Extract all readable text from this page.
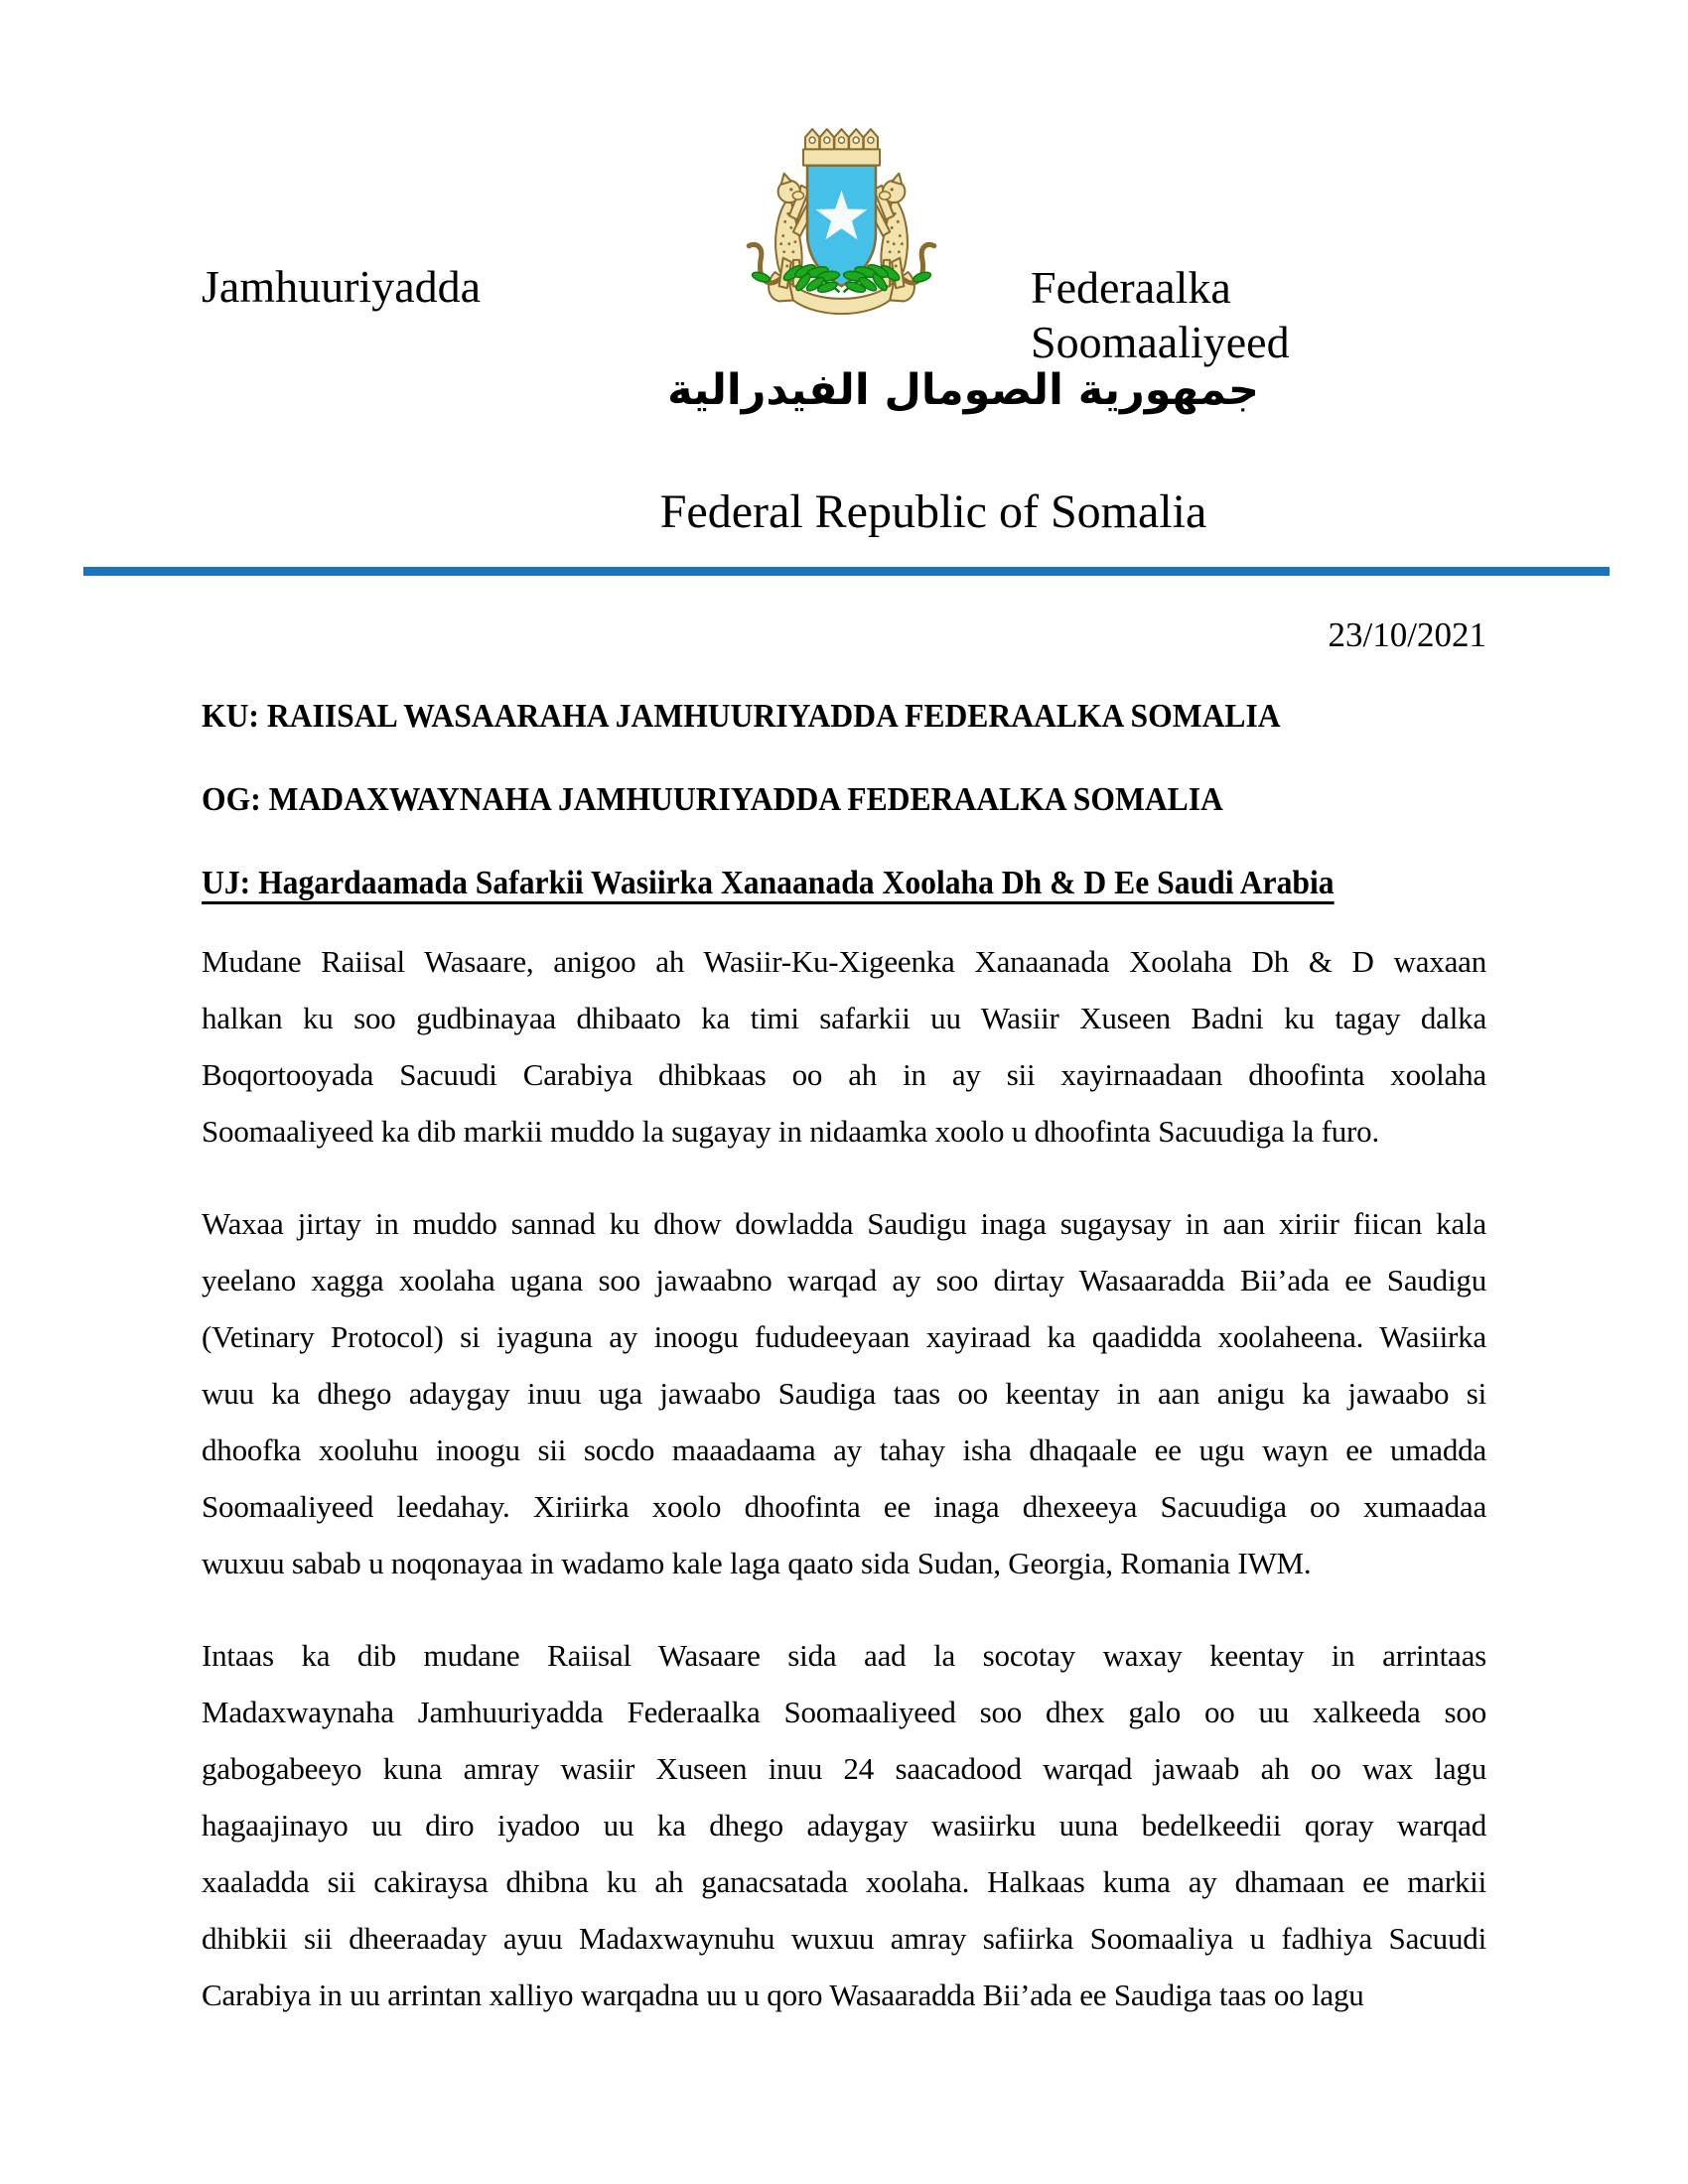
Jamhuuriyadda	Federaalka
Soomaaliyeed
جمهورية الصومال الفيدرالية
Federal Republic of Somalia
23/10/2021
KU: RAIISAL WASAARAHA JAMHUURIYADDA FEDERAALKA SOMALIA
OG: MADAXWAYNAHA JAMHUURIYADDA FEDERAALKA SOMALIA
UJ: Hagardaamada Safarkii Wasiirka Xanaanada Xoolaha Dh & D Ee Saudi Arabia
Mudane Raiisal Wasaare, anigoo ah Wasiir-Ku-Xigeenka Xanaanada Xoolaha Dh & D waxaan
halkan ku soo gudbinayaa dhibaato ka timi safarkii uu Wasiir Xuseen Badni ku tagay dalka
Boqortooyada Sacuudi Carabiya dhibkaas oo ah in ay sii xayirnaadaan dhoofinta xoolaha
Soomaaliyeed ka dib markii muddo la sugayay in nidaamka xoolo u dhoofinta Sacuudiga la furo.
Waxaa jirtay in muddo sannad ku dhow dowladda Saudigu inaga sugaysay in aan xiriir fiican kala
yeelano xagga xoolaha ugana soo jawaabno warqad ay soo dirtay Wasaaradda Bii’ada ee Saudigu
(Vetinary Protocol) si iyaguna ay inoogu fududeeyaan xayiraad ka qaadidda xoolaheena. Wasiirka
wuu ka dhego adaygay inuu uga jawaabo Saudiga taas oo keentay in aan anigu ka jawaabo si
dhoofka xooluhu inoogu sii socdo maaadaama ay tahay isha dhaqaale ee ugu wayn ee umadda
Soomaaliyeed leedahay. Xiriirka xoolo dhoofinta ee inaga dhexeeya Sacuudiga oo xumaadaa
wuxuu sabab u noqonayaa in wadamo kale laga qaato sida Sudan, Georgia, Romania IWM.
Intaas ka dib mudane Raiisal Wasaare sida aad la socotay waxay keentay in arrintaas
Madaxwaynaha Jamhuuriyadda Federaalka Soomaaliyeed soo dhex galo oo uu xalkeeda soo
gabogabeeyo kuna amray wasiir Xuseen inuu 24 saacadood warqad jawaab ah oo wax lagu
hagaajinayo uu diro iyadoo uu ka dhego adaygay wasiirku uuna bedelkeedii qoray warqad
xaaladda sii cakiraysa dhibna ku ah ganacsatada xoolaha. Halkaas kuma ay dhamaan ee markii
dhibkii sii dheeraaday ayuu Madaxwaynuhu wuxuu amray safiirka Soomaaliya u fadhiya Sacuudi
Carabiya in uu arrintan xalliyo warqadna uu u qoro Wasaaradda Bii’ada ee Saudiga taas oo lagu
